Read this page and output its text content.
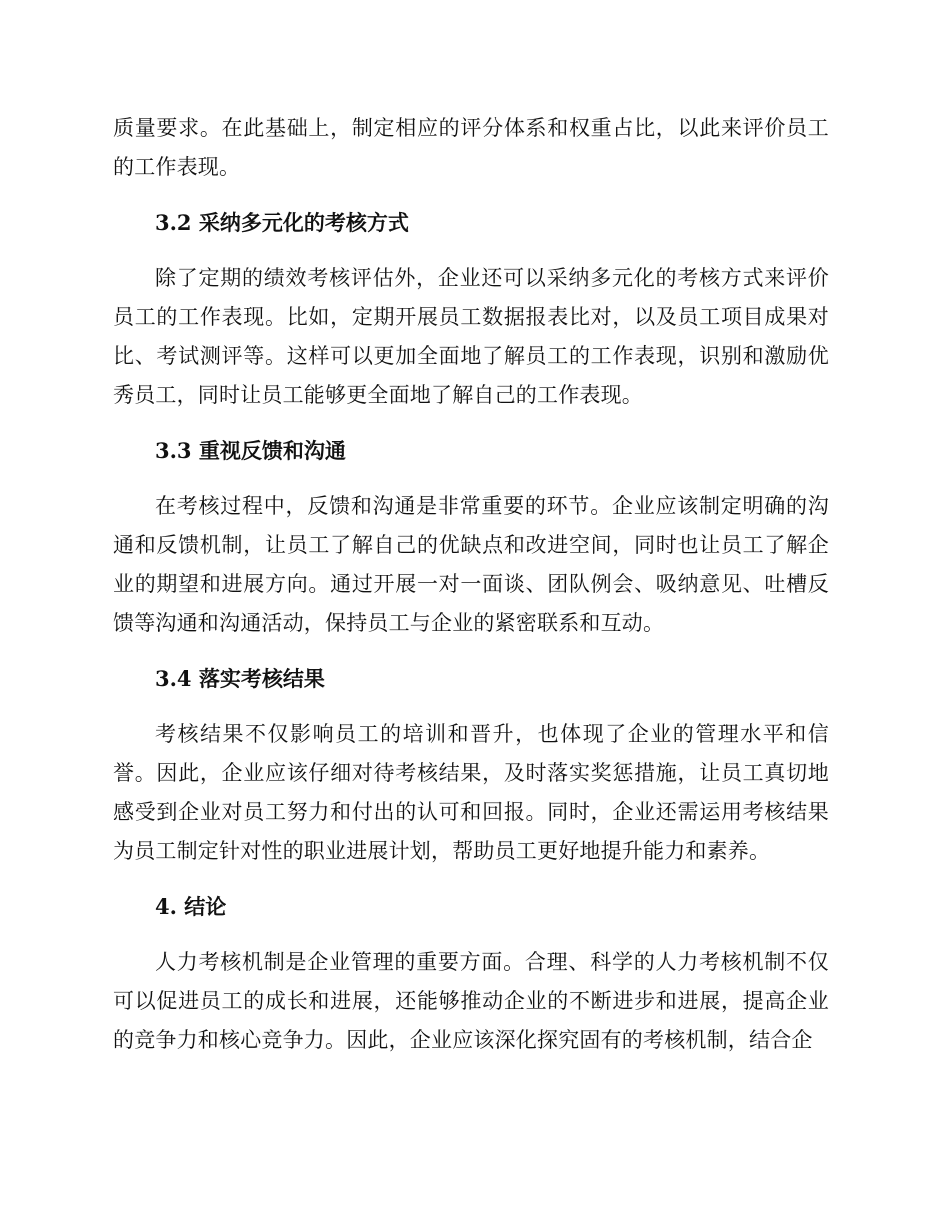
质量要求。在此基础上，制定相应的评分体系和权重占比，以此来评价员工的工作表现。

3.2 采纳多元化的考核方式

除了定期的绩效考核评估外，企业还可以采纳多元化的考核方式来评价员工的工作表现。比如，定期开展员工数据报表比对，以及员工项目成果对比、考试测评等。这样可以更加全面地了解员工的工作表现，识别和激励优秀员工，同时让员工能够更全面地了解自己的工作表现。

3.3 重视反馈和沟通

在考核过程中，反馈和沟通是非常重要的环节。企业应该制定明确的沟通和反馈机制，让员工了解自己的优缺点和改进空间，同时也让员工了解企业的期望和进展方向。通过开展一对一面谈、团队例会、吸纳意见、吐槽反馈等沟通和沟通活动，保持员工与企业的紧密联系和互动。

3.4 落实考核结果

考核结果不仅影响员工的培训和晋升，也体现了企业的管理水平和信誉。因此，企业应该仔细对待考核结果，及时落实奖惩措施，让员工真切地感受到企业对员工努力和付出的认可和回报。同时，企业还需运用考核结果为员工制定针对性的职业进展计划，帮助员工更好地提升能力和素养。

4. 结论

人力考核机制是企业管理的重要方面。合理、科学的人力考核机制不仅可以促进员工的成长和进展，还能够推动企业的不断进步和进展，提高企业的竞争力和核心竞争力。因此，企业应该深化探究固有的考核机制，结合企
